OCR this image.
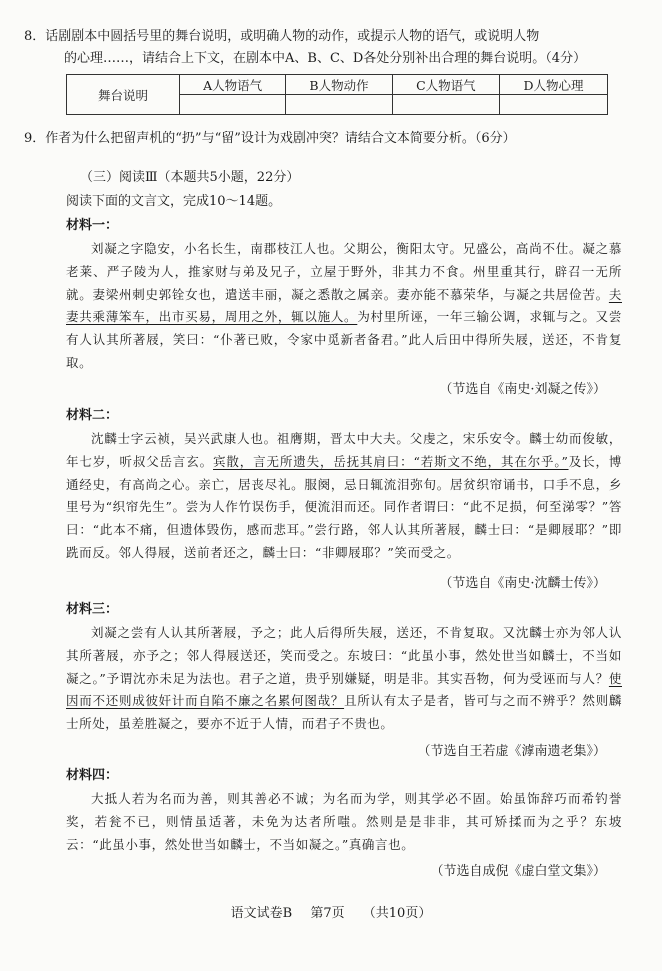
8．话剧剧本中圆括号里的舞台说明，或明确人物的动作，或提示人物的语气，或说明人物
的心理……，请结合上下文，在剧本中A、B、C、D各处分别补出合理的舞台说明。（4分）
舞台说明	A人物语气	B人物动作	C人物语气	D人物心理

9．作者为什么把留声机的“扔”与“留”设计为戏剧冲突？请结合文本简要分析。（6分）
（三）阅读Ⅲ（本题共5小题，22分）
阅读下面的文言文，完成10～14题。
材料一：
刘凝之字隐安，小名长生，南郡枝江人也。父期公，衡阳太守。兄盛公，高尚不仕。凝之慕老莱、严子陵为人，推家财与弟及兄子，立屋于野外，非其力不食。州里重其行，辟召一无所就。妻梁州刺史郭铨女也，遣送丰丽，凝之悉散之属亲。妻亦能不慕荣华，与凝之共居俭苦。夫妻共乘薄笨车，出市买易，周用之外，辄以施人。为村里所诬，一年三输公调，求辄与之。又尝有人认其所著屐，笑曰：“仆著已败，令家中觅新者备君。”此人后田中得所失屐，送还，不肯复取。
（节选自《南史·刘凝之传》）
材料二：
沈麟士字云祯，吴兴武康人也。祖膺期，晋太中大夫。父虔之，宋乐安令。麟士幼而俊敏，年七岁，听叔父岳言玄。宾散，言无所遗失，岳抚其肩曰：“若斯文不绝，其在尔乎。”及长，博通经史，有高尚之心。亲亡，居丧尽礼。服阕，忌日辄流泪弥旬。居贫织帘诵书，口手不息，乡里号为“织帘先生”。尝为人作竹误伤手，便流泪而还。同作者谓曰：“此不足损，何至涕零？”答曰：“此本不痛，但遗体毁伤，感而悲耳。”尝行路，邻人认其所著屐，麟士曰：“是卿屐耶？”即跣而反。邻人得屐，送前者还之，麟士曰：“非卿屐耶？”笑而受之。
（节选自《南史·沈麟士传》）
材料三：
刘凝之尝有人认其所著屐，予之；此人后得所失屐，送还，不肯复取。又沈麟士亦为邻人认其所著屐，亦予之；邻人得屐送还，笑而受之。东坡曰：“此虽小事，然处世当如麟士，不当如凝之。”予谓沈亦未足为法也。君子之道，贵乎别嫌疑，明是非。其实吾物，何为受诬而与人？使因而不还则成彼奸计而自陷不廉之名累何图哉？且所认有太子是者，皆可与之而不辨乎？然则麟士所处，虽差胜凝之，要亦不近于人情，而君子不贵也。
（节选自王若虚《滹南遗老集》）
材料四：
大抵人若为名而为善，则其善必不诚；为名而为学，则其学必不固。始虽饰辞巧而希钓誉奖，若瓮不已，则情虽适著，未免为达者所嗤。然则是是非非，其可矫揉而为之乎？东坡云：“此虽小事，然处世当如麟士，不当如凝之。”真确言也。
（节选自成倪《虚白堂文集》）
语文试卷B 第7页 （共10页）
